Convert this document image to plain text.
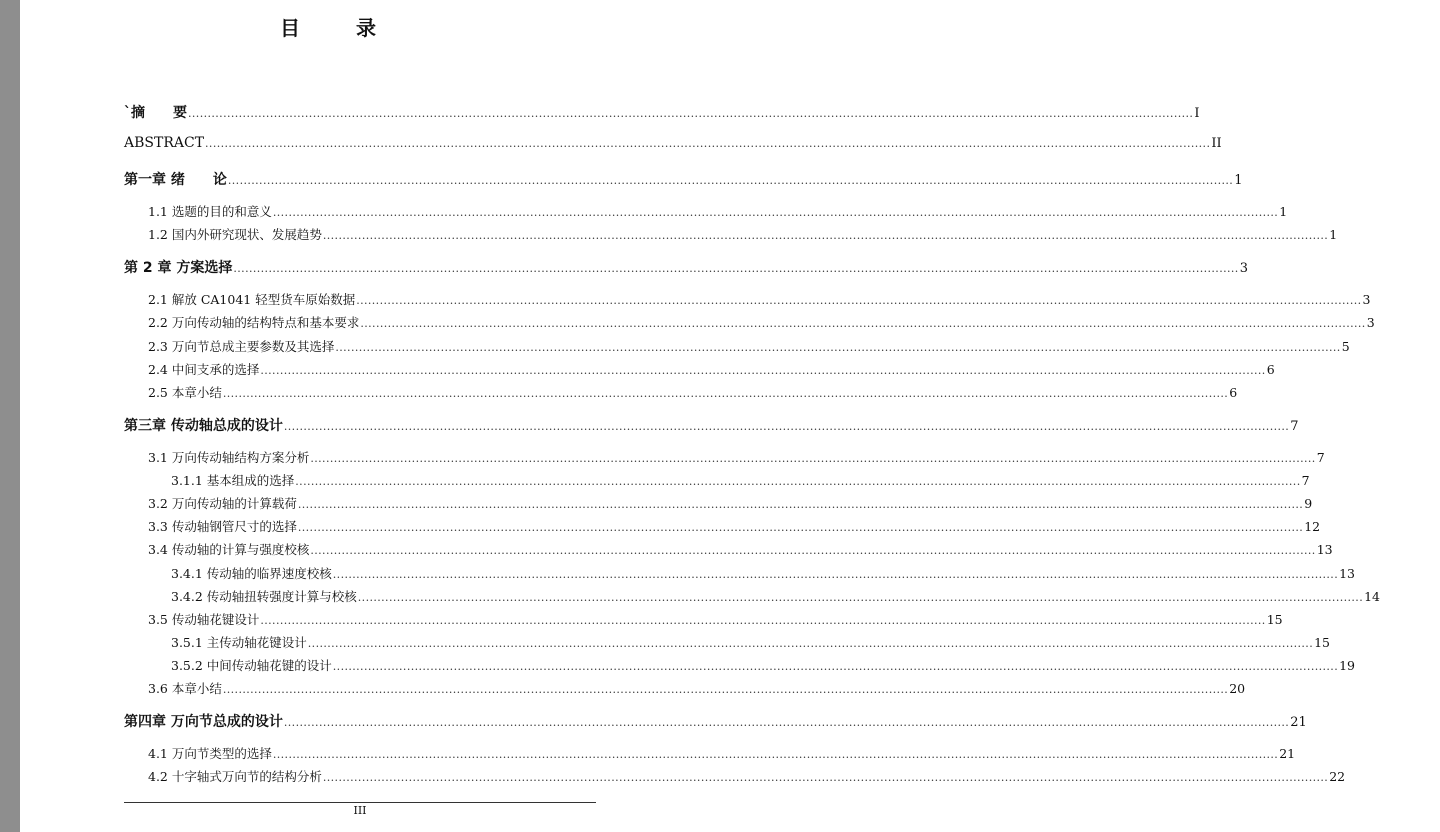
目　录
`摘　　要 .....	I
ABSTRACT .....	II
第一章 绪　　论 .....	1
1.1 选题的目的和意义 .....	1
1.2 国内外研究现状、发展趋势 .....	1
第 2 章 方案选择 .....	3
2.1 解放 CA1041 轻型货车原始数据 .....	3
2.2 万向传动轴的结构特点和基本要求 .....	3
2.3 万向节总成主要参数及其选择 .....	5
2.4 中间支承的选择 .....	6
2.5 本章小结 .....	6
第三章 传动轴总成的设计 .....	7
3.1 万向传动轴结构方案分析 .....	7
3.1.1 基本组成的选择 .....	7
3.2 万向传动轴的计算载荷 .....	9
3.3 传动轴钢管尺寸的选择 .....	12
3.4 传动轴的计算与强度校核 .....	13
3.4.1 传动轴的临界速度校核 .....	13
3.4.2 传动轴扭转强度计算与校核 .....	14
3.5 传动轴花键设计 .....	15
3.5.1 主传动轴花键设计 .....	15
3.5.2 中间传动轴花键的设计 .....	19
3.6 本章小结 .....	20
第四章 万向节总成的设计 .....	21
4.1 万向节类型的选择 .....	21
4.2 十字轴式万向节的结构分析 .....	22
III
